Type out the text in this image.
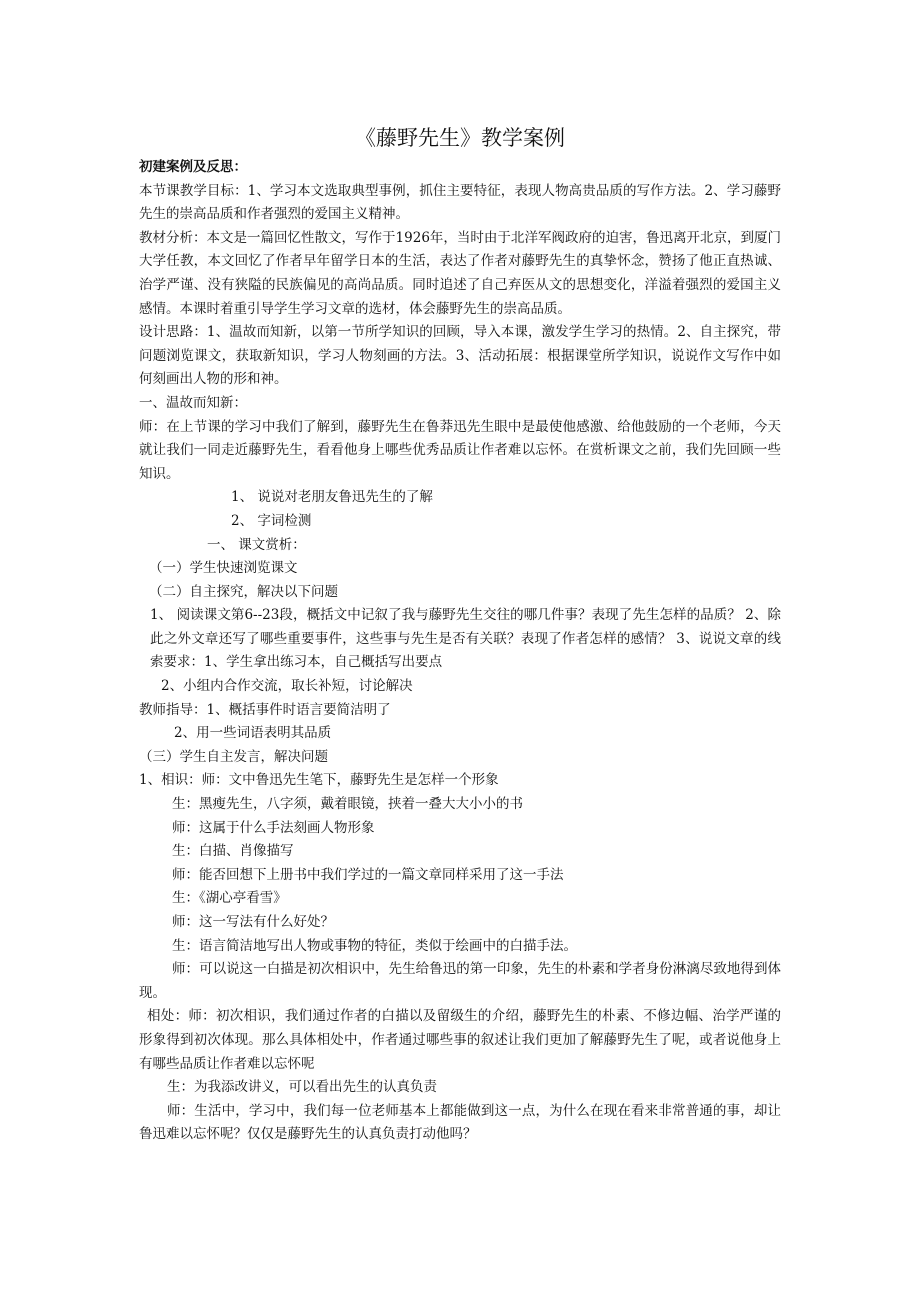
《藤野先生》教学案例

初建案例及反思：

本节课教学目标：1、学习本文选取典型事例，抓住主要特征，表现人物高贵品质的写作方法。2、学习藤野先生的崇高品质和作者强烈的爱国主义精神。

教材分析：本文是一篇回忆性散文，写作于1926年，当时由于北洋军阀政府的迫害，鲁迅离开北京，到厦门大学任教，本文回忆了作者早年留学日本的生活，表达了作者对藤野先生的真挚怀念，赞扬了他正直热诚、治学严谨、没有狭隘的民族偏见的高尚品质。同时追述了自己弃医从文的思想变化，洋溢着强烈的爱国主义感情。本课时着重引导学生学习文章的选材，体会藤野先生的崇高品质。

设计思路：1、温故而知新，以第一节所学知识的回顾，导入本课，激发学生学习的热情。2、自主探究，带问题浏览课文，获取新知识，学习人物刻画的方法。3、活动拓展：根据课堂所学知识，说说作文写作中如何刻画出人物的形和神。

一、温故而知新：

师：在上节课的学习中我们了解到，藤野先生在鲁莽迅先生眼中是最使他感激、给他鼓励的一个老师，今天就让我们一同走近藤野先生，看看他身上哪些优秀品质让作者难以忘怀。在赏析课文之前，我们先回顾一些知识。

1、 说说对老朋友鲁迅先生的了解

2、 字词检测

一、 课文赏析：

（一）学生快速浏览课文

（二）自主探究，解决以下问题

1、 阅读课文第6--23段，概括文中记叙了我与藤野先生交往的哪几件事？表现了先生怎样的品质？ 2、除此之外文章还写了哪些重要事件，这些事与先生是否有关联？表现了作者怎样的感情？ 3、说说文章的线索要求：1、学生拿出练习本，自己概括写出要点

2、小组内合作交流，取长补短，讨论解决

教师指导：1、概括事件时语言要简洁明了

2、用一些词语表明其品质

（三）学生自主发言，解决问题

1、相识：师：文中鲁迅先生笔下，藤野先生是怎样一个形象

生：黑瘦先生，八字须，戴着眼镜，挟着一叠大大小小的书

师：这属于什么手法刻画人物形象

生：白描、肖像描写

师：能否回想下上册书中我们学过的一篇文章同样采用了这一手法

生：《湖心亭看雪》

师：这一写法有什么好处？

生：语言简洁地写出人物或事物的特征，类似于绘画中的白描手法。

师：可以说这一白描是初次相识中，先生给鲁迅的第一印象，先生的朴素和学者身份淋漓尽致地得到体现。

相处：师：初次相识，我们通过作者的白描以及留级生的介绍，藤野先生的朴素、不修边幅、治学严谨的形象得到初次体现。那么具体相处中，作者通过哪些事的叙述让我们更加了解藤野先生了呢，或者说他身上有哪些品质让作者难以忘怀呢

生：为我添改讲义，可以看出先生的认真负责

师：生活中，学习中，我们每一位老师基本上都能做到这一点，为什么在现在看来非常普通的事，却让鲁迅难以忘怀呢？仅仅是藤野先生的认真负责打动他吗？
